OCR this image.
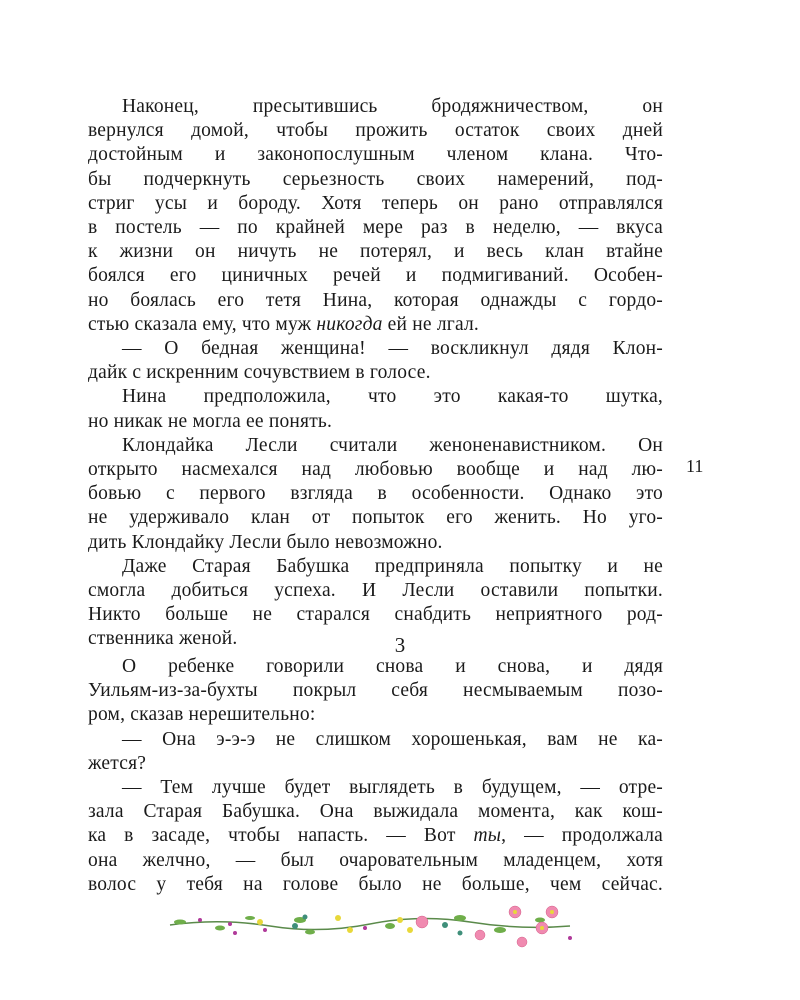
Наконец, пресытившись бродяжничеством, он
вернулся домой, чтобы прожить остаток своих дней
достойным и законопослушным членом клана. Что-
бы подчеркнуть серьезность своих намерений, под-
стриг усы и бороду. Хотя теперь он рано отправлялся
в постель — по крайней мере раз в неделю, — вкуса
к жизни он ничуть не потерял, и весь клан втайне
боялся его циничных речей и подмигиваний. Особен-
но боялась его тетя Нина, которая однажды с гордо-
стью сказала ему, что муж никогда ей не лгал.
— О бедная женщина! — воскликнул дядя Клон-
дайк с искренним сочувствием в голосе.
Нина предположила, что это какая-то шутка,
но никак не могла ее понять.
Клондайка Лесли считали женоненавистником. Он
открыто насмехался над любовью вообще и над лю-
бовью с первого взгляда в особенности. Однако это
не удерживало клан от попыток его женить. Но уго-
дить Клондайку Лесли было невозможно.
Даже Старая Бабушка предприняла попытку и не
смогла добиться успеха. И Лесли оставили попытки.
Никто больше не старался снабдить неприятного род-
ственника женой.
О ребенке говорили снова и снова, и дядя
Уильям-из-за-бухты покрыл себя несмываемым позо-
ром, сказав нерешительно:
— Она э-э-э не слишком хорошенькая, вам не ка-
жется?
— Тем лучше будет выглядеть в будущем, — отре-
зала Старая Бабушка. Она выжидала момента, как кош-
ка в засаде, чтобы напасть. — Вот ты, — продолжала
она желчно, — был очаровательным младенцем, хотя
волос у тебя на голове было не больше, чем сейчас.
3
11
